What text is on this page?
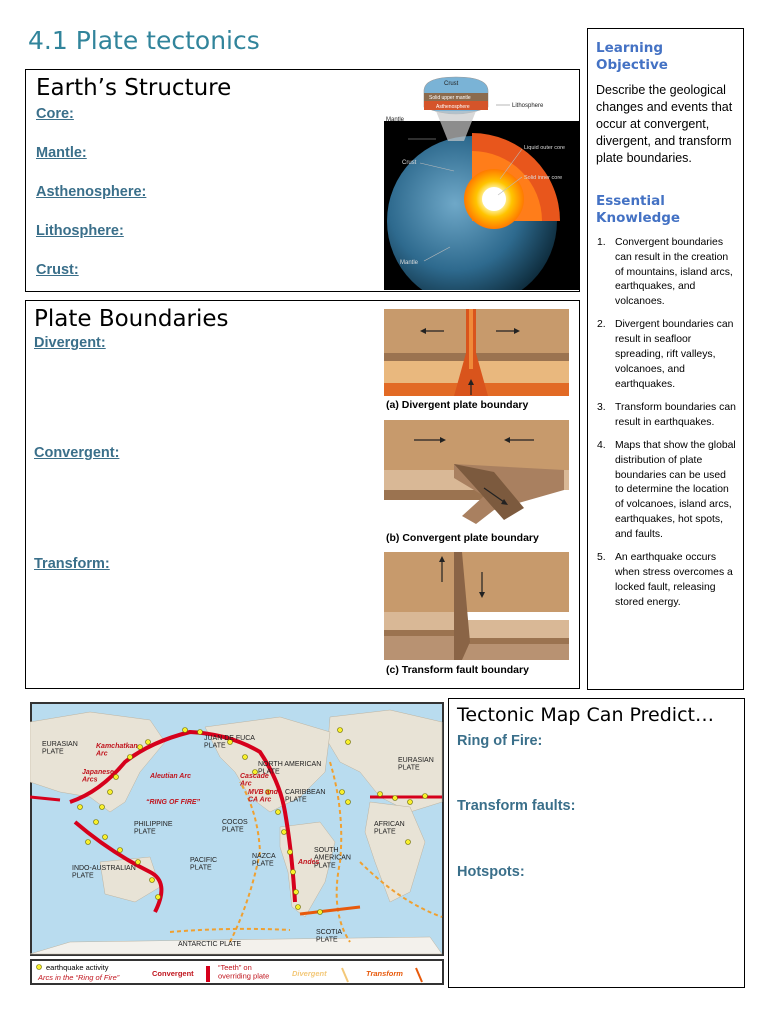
4.1 Plate tectonics
Earth’s Structure
Core:
Mantle:
Asthenosphere:
Lithosphere:
Crust:
Crust
Solid upper mantle
Asthenosphere	Lithosphere
Mantle
Crust
Liquid outer core
Solid inner core
Mantle
Plate Boundaries
Divergent:
Convergent:
Transform:
(a) Divergent plate boundary
(b) Convergent plate boundary
(c) Transform fault boundary
Learning Objective
Describe the geological changes and events that occur at convergent, divergent, and transform plate boundaries.
Essential Knowledge
1. Convergent boundaries can result in the creation of mountains, island arcs, earthquakes, and volcanoes.
2. Divergent boundaries can result in seafloor spreading, rift valleys, volcanoes, and earthquakes.
3. Transform boundaries can result in earthquakes.
4. Maps that show the global distribution of plate boundaries can be used to determine the location of volcanoes, island arcs, earthquakes, hot spots, and faults.
5. An earthquake occurs when stress overcomes a locked fault, releasing stored energy.
EURASIAN PLATE
Kamchatkan Arc
JUAN DE FUCA PLATE
NORTH AMERICAN PLATE
EURASIAN PLATE
Japanese Arcs
Aleutian Arc	Cascade Arc
MVB and CA Arc
CARIBBEAN PLATE
“RING OF FIRE”
PHILIPPINE PLATE
COCOS PLATE
AFRICAN PLATE
PACIFIC PLATE
NAZCA PLATE
SOUTH AMERICAN PLATE
Andes
INDO-AUSTRALIAN PLATE
SCOTIA PLATE
ANTARCTIC PLATE
earthquake activity
Arcs in the “Ring of Fire”	Convergent
“Teeth” on overriding plate	Divergent	Transform
Tectonic Map Can Predict…
Ring of Fire:
Transform faults:
Hotspots:
